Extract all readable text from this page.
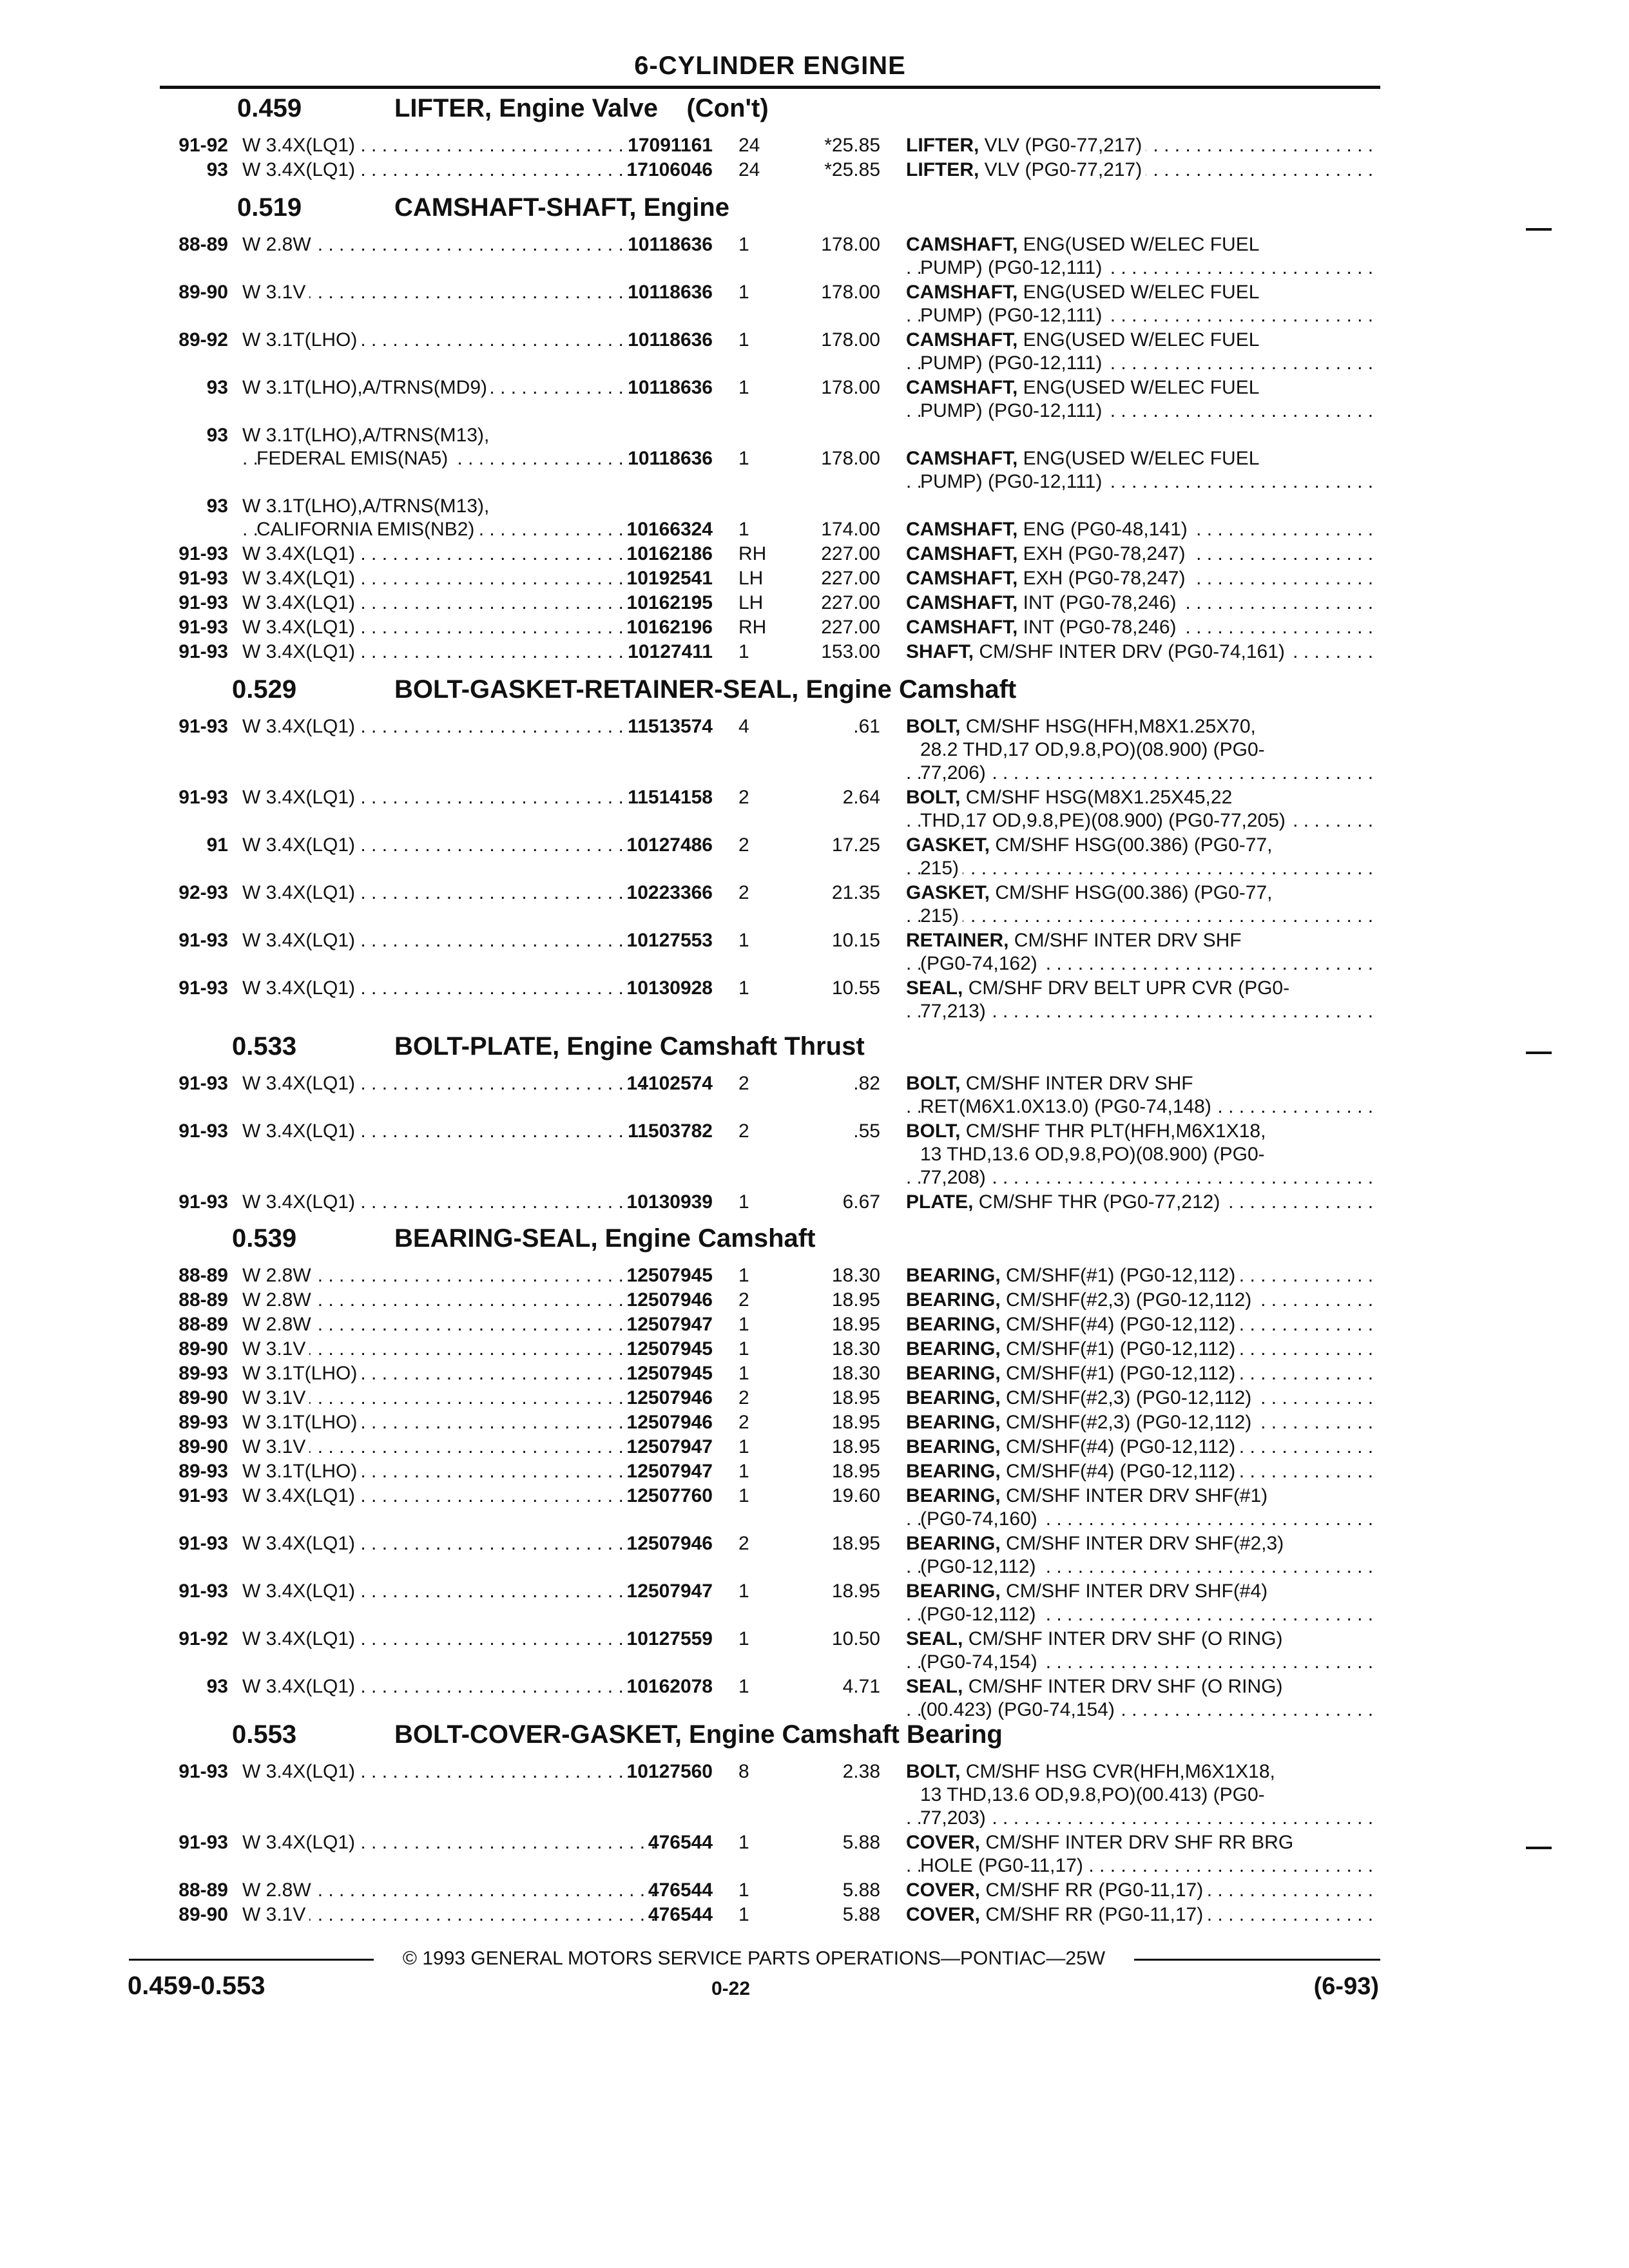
6-CYLINDER ENGINE
0.459	LIFTER, Engine Valve    (Con't)
91-92 W 3.4X(LQ1) . . .	17091161 24	*25.85 LIFTER, VLV (PG0-77,217) . . .
93 W 3.4X(LQ1) . . .	17106046 24	*25.85 LIFTER, VLV (PG0-77,217) . . .
0.519	CAMSHAFT-SHAFT, Engine
88-89 W 2.8W . . .	10118636 1	178.00 CAMSHAFT, ENG(USED W/ELEC FUEL
PUMP) (PG0-12,111) . . .
89-90 W 3.1V . . .	10118636 1	178.00 CAMSHAFT, ENG(USED W/ELEC FUEL
PUMP) (PG0-12,111) . . .
89-92 W 3.1T(LHO) . . .	10118636 1	178.00 CAMSHAFT, ENG(USED W/ELEC FUEL
PUMP) (PG0-12,111) . . .
93 W 3.1T(LHO),A/TRNS(MD9) . . .	10118636 1	178.00 CAMSHAFT, ENG(USED W/ELEC FUEL
PUMP) (PG0-12,111) . . .
93 W 3.1T(LHO),A/TRNS(M13),
FEDERAL EMIS(NA5) . . .	10118636 1	178.00 CAMSHAFT, ENG(USED W/ELEC FUEL
PUMP) (PG0-12,111) . . .
93 W 3.1T(LHO),A/TRNS(M13),
CALIFORNIA EMIS(NB2) . . .	10166324 1	174.00 CAMSHAFT, ENG (PG0-48,141) . . .
91-93 W 3.4X(LQ1) . . .	10162186 RH	227.00 CAMSHAFT, EXH (PG0-78,247) . . .
91-93 W 3.4X(LQ1) . . .	10192541 LH	227.00 CAMSHAFT, EXH (PG0-78,247) . . .
91-93 W 3.4X(LQ1) . . .	10162195 LH	227.00 CAMSHAFT, INT (PG0-78,246) . . .
91-93 W 3.4X(LQ1) . . .	10162196 RH	227.00 CAMSHAFT, INT (PG0-78,246) . . .
91-93 W 3.4X(LQ1) . . .	10127411 1	153.00 SHAFT, CM/SHF INTER DRV (PG0-74,161) . . .
0.529	BOLT-GASKET-RETAINER-SEAL, Engine Camshaft
91-93 W 3.4X(LQ1) . . .	11513574 4	.61 BOLT, CM/SHF HSG(HFH,M8X1.25X70,
28.2 THD,17 OD,9.8,PO)(08.900) (PG0-
77,206) . . .
91-93 W 3.4X(LQ1) . . .	11514158 2	2.64 BOLT, CM/SHF HSG(M8X1.25X45,22
THD,17 OD,9.8,PE)(08.900) (PG0-77,205) . . .
91 W 3.4X(LQ1) . . .	10127486 2	17.25 GASKET, CM/SHF HSG(00.386) (PG0-77,
215) . . .
92-93 W 3.4X(LQ1) . . .	10223366 2	21.35 GASKET, CM/SHF HSG(00.386) (PG0-77,
215) . . .
91-93 W 3.4X(LQ1) . . .	10127553 1	10.15 RETAINER, CM/SHF INTER DRV SHF
(PG0-74,162) . . .
91-93 W 3.4X(LQ1) . . .	10130928 1	10.55 SEAL, CM/SHF DRV BELT UPR CVR (PG0-
77,213) . . .
0.533	BOLT-PLATE, Engine Camshaft Thrust
91-93 W 3.4X(LQ1) . . .	14102574 2	.82 BOLT, CM/SHF INTER DRV SHF
RET(M6X1.0X13.0) (PG0-74,148) . . .
91-93 W 3.4X(LQ1) . . .	11503782 2	.55 BOLT, CM/SHF THR PLT(HFH,M6X1X18,
13 THD,13.6 OD,9.8,PO)(08.900) (PG0-
77,208) . . .
91-93 W 3.4X(LQ1) . . .	10130939 1	6.67 PLATE, CM/SHF THR (PG0-77,212) . . .
0.539	BEARING-SEAL, Engine Camshaft
88-89 W 2.8W . . .	12507945 1	18.30 BEARING, CM/SHF(#1) (PG0-12,112) . . .
88-89 W 2.8W . . .	12507946 2	18.95 BEARING, CM/SHF(#2,3) (PG0-12,112) . . .
88-89 W 2.8W . . .	12507947 1	18.95 BEARING, CM/SHF(#4) (PG0-12,112) . . .
89-90 W 3.1V . . .	12507945 1	18.30 BEARING, CM/SHF(#1) (PG0-12,112) . . .
89-93 W 3.1T(LHO) . . .	12507945 1	18.30 BEARING, CM/SHF(#1) (PG0-12,112) . . .
89-90 W 3.1V . . .	12507946 2	18.95 BEARING, CM/SHF(#2,3) (PG0-12,112) . . .
89-93 W 3.1T(LHO) . . .	12507946 2	18.95 BEARING, CM/SHF(#2,3) (PG0-12,112) . . .
89-90 W 3.1V . . .	12507947 1	18.95 BEARING, CM/SHF(#4) (PG0-12,112) . . .
89-93 W 3.1T(LHO) . . .	12507947 1	18.95 BEARING, CM/SHF(#4) (PG0-12,112) . . .
91-93 W 3.4X(LQ1) . . .	12507760 1	19.60 BEARING, CM/SHF INTER DRV SHF(#1)
(PG0-74,160) . . .
91-93 W 3.4X(LQ1) . . .	12507946 2	18.95 BEARING, CM/SHF INTER DRV SHF(#2,3)
(PG0-12,112) . . .
91-93 W 3.4X(LQ1) . . .	12507947 1	18.95 BEARING, CM/SHF INTER DRV SHF(#4)
(PG0-12,112) . . .
91-92 W 3.4X(LQ1) . . .	10127559 1	10.50 SEAL, CM/SHF INTER DRV SHF (O RING)
(PG0-74,154) . . .
93 W 3.4X(LQ1) . . .	10162078 1	4.71 SEAL, CM/SHF INTER DRV SHF (O RING)
(00.423) (PG0-74,154) . . .
0.553	BOLT-COVER-GASKET, Engine Camshaft Bearing
91-93 W 3.4X(LQ1) . . .	10127560 8	2.38 BOLT, CM/SHF HSG CVR(HFH,M6X1X18,
13 THD,13.6 OD,9.8,PO)(00.413) (PG0-
77,203) . . .
91-93 W 3.4X(LQ1) . . .	476544 1	5.88 COVER, CM/SHF INTER DRV SHF RR BRG
HOLE (PG0-11,17) . . .
88-89 W 2.8W . . .	476544 1	5.88 COVER, CM/SHF RR (PG0-11,17) . . .
89-90 W 3.1V . . .	476544 1	5.88 COVER, CM/SHF RR (PG0-11,17) . . .
© 1993 GENERAL MOTORS SERVICE PARTS OPERATIONS—PONTIAC—25W
0.459-0.553	0-22	(6-93)
